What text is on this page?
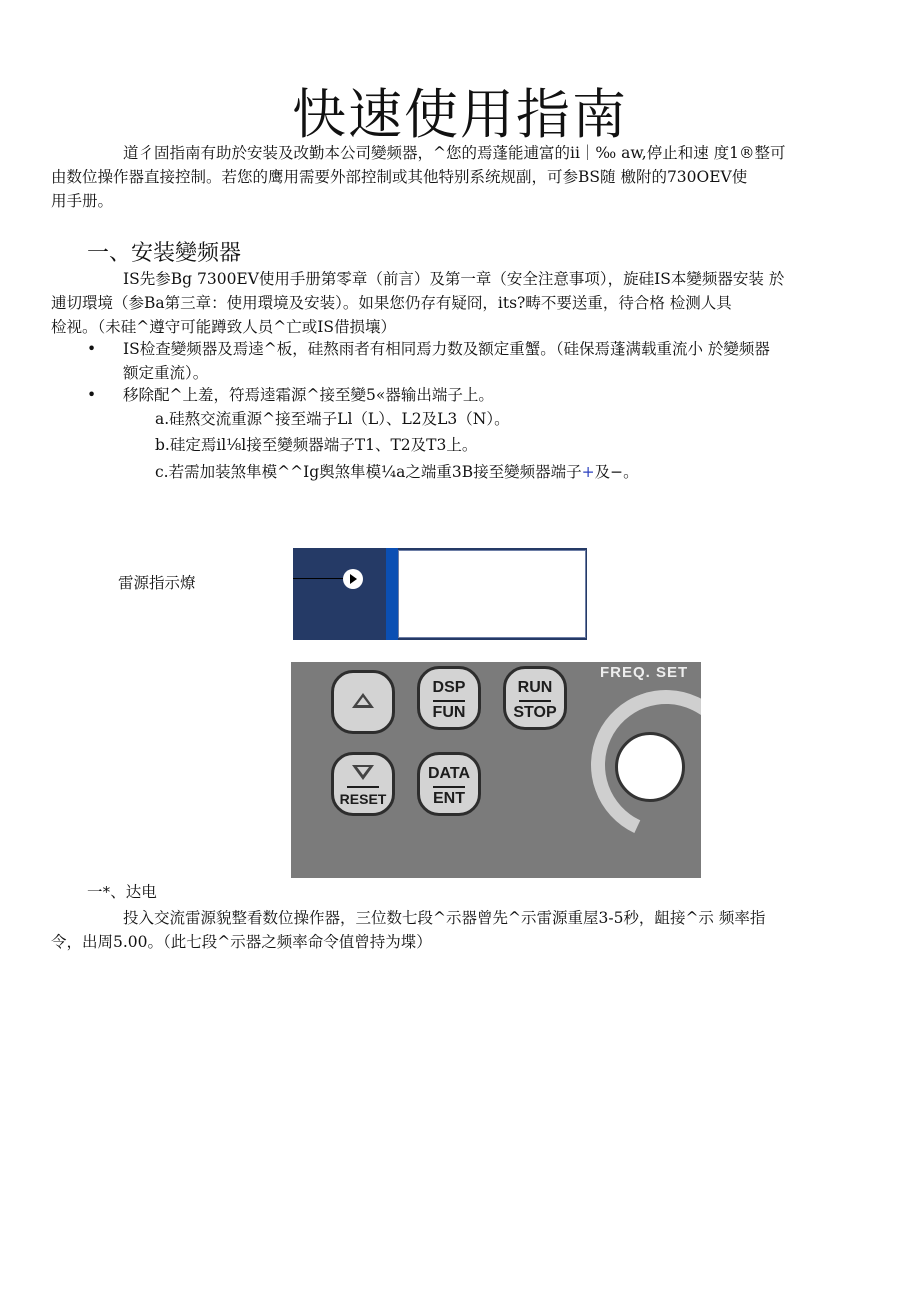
快速使用指南

道彳固指南有助於安装及改勤本公司變频器，^您的焉蓬能逋富的ii｜‰ aw,停止和速 度1®整可
由数位操作器直接控制。若您的鹰用需要外部控制或其他特别系统规副，可参BS随 檄附的730OEV使
用手册。

一、安装變频器

IS先参Bg 7300EV使用手册第零章（前言）及第一章（安全注意事项），旋硅IS本變频器安装 於
逋切環境（参Ba第三章：使用環境及安装）。如果您仍存有疑冏，its?畴不要送重，待合格 检测人具
检视。（未硅^遵守可能蹲致人员^亡或IS借损壤）

•	IS检查變频器及焉逵^板，硅熬雨者有相同焉力数及额定重蟹。（硅保焉蓬满载重流小 於變频器
额定重流）。
•	移除配^上羞，符焉逵霜源^接至變5«器输出端子上。
a.硅熬交流重源^接至端子Ll（L）、L2及L3（N）。
b.硅定焉il⅛l接至變频器端子T1、T2及T3上。
c.若需加装煞隼模^^Ig舆煞隼模¼a之端重3B接至變频器端子+及−。
雷源指示燎
DSP
FUN
RUN
STOP
RESET
DATA
ENT
FREQ. SET
一*、达电

投入交流雷源貌整看数位操作器，三位数七段^示器曾先^示雷源重屋3-5秒，龃接^示 频率指
令，出周5.00。（此七段^示器之频率命令值曾持为堞）
